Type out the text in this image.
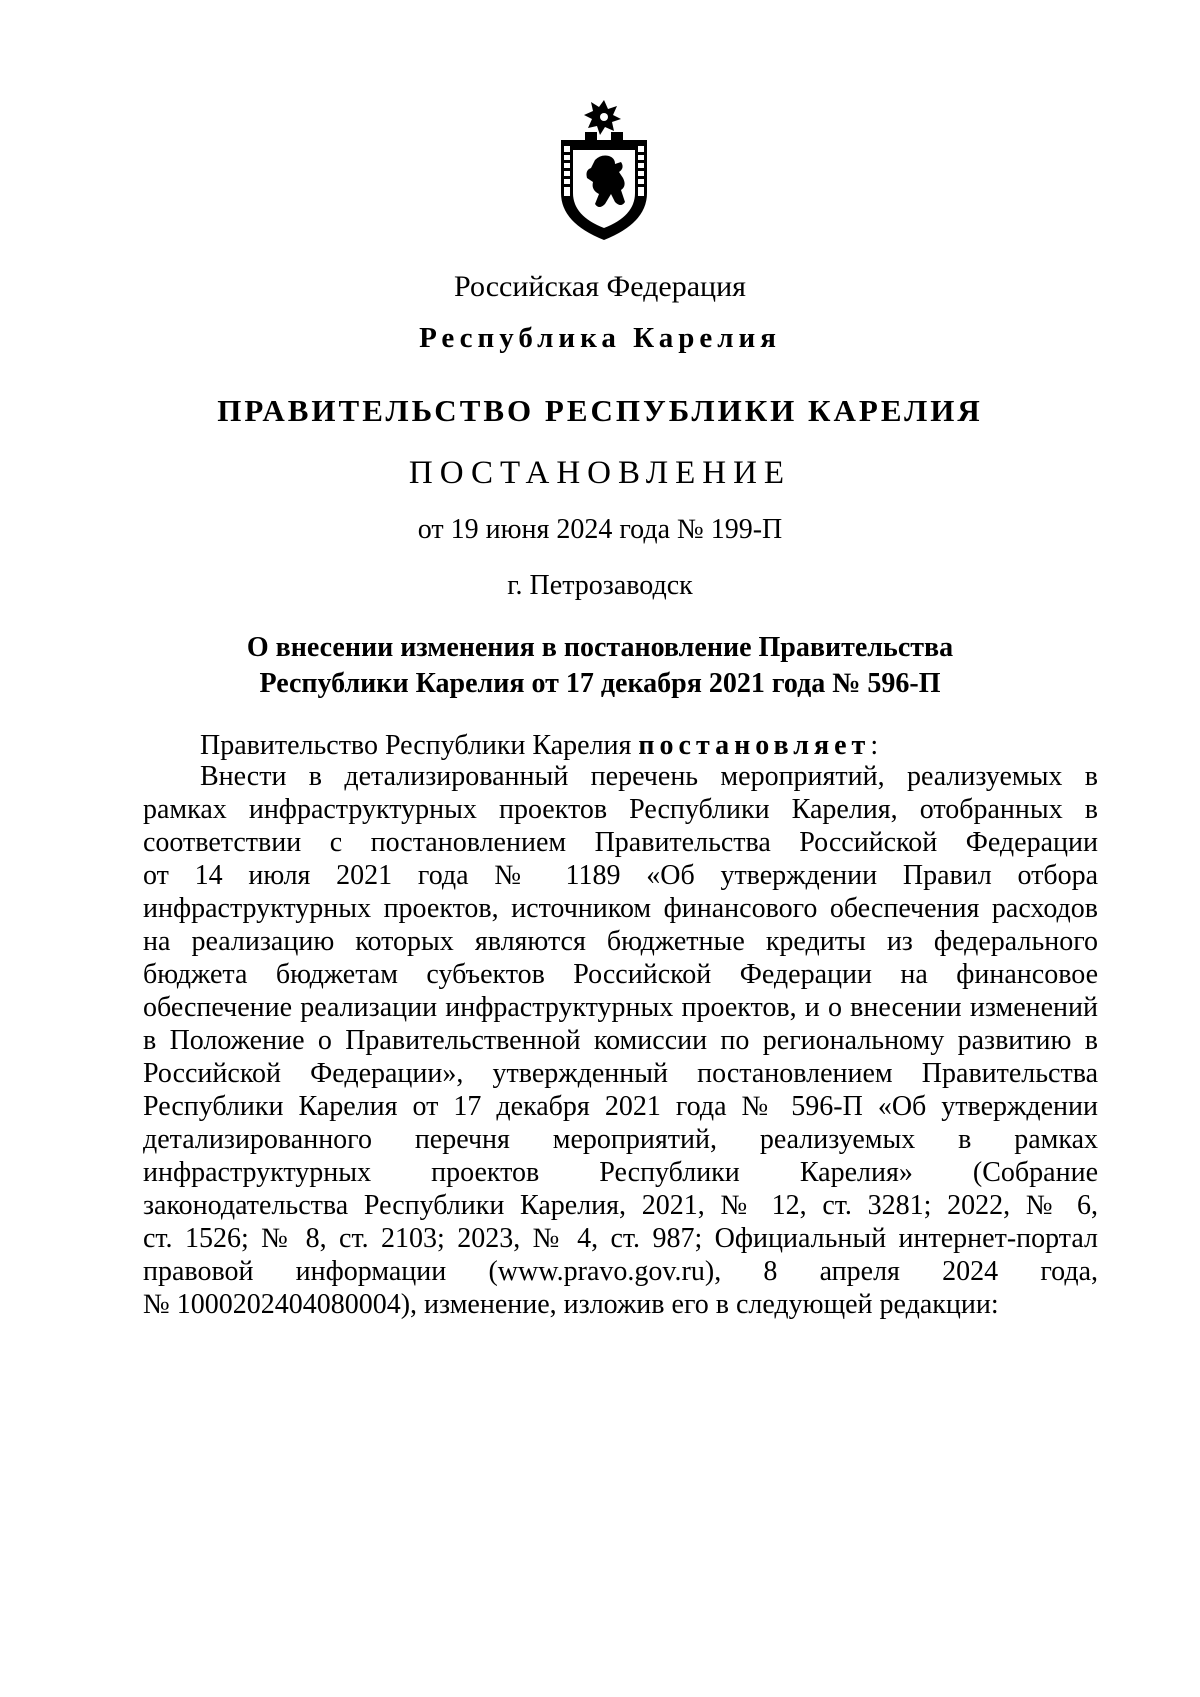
Российская Федерация
Республика Карелия
ПРАВИТЕЛЬСТВО РЕСПУБЛИКИ КАРЕЛИЯ
ПОСТАНОВЛЕНИЕ
от 19 июня 2024 года № 199-П
г. Петрозаводск
О внесении изменения в постановление Правительства
Республики Карелия от 17 декабря 2021 года № 596-П
Правительство Республики Карелия постановляет:
Внести в детализированный перечень мероприятий, реализуемых в
рамках инфраструктурных проектов Республики Карелия, отобранных в
соответствии с постановлением Правительства Российской Федерации
от 14 июля 2021 года № 1189 «Об утверждении Правил отбора
инфраструктурных проектов, источником финансового обеспечения расходов
на реализацию которых являются бюджетные кредиты из федерального
бюджета бюджетам субъектов Российской Федерации на финансовое
обеспечение реализации инфраструктурных проектов, и о внесении изменений
в Положение о Правительственной комиссии по региональному развитию в
Российской Федерации», утвержденный постановлением Правительства
Республики Карелия от 17 декабря 2021 года № 596-П «Об утверждении
детализированного перечня мероприятий, реализуемых в рамках
инфраструктурных проектов Республики Карелия» (Собрание
законодательства Республики Карелия, 2021, № 12, ст. 3281; 2022, № 6,
ст. 1526; № 8, ст. 2103; 2023, № 4, ст. 987; Официальный интернет-портал
правовой информации (www.pravo.gov.ru), 8 апреля 2024 года,
№ 1000202404080004), изменение, изложив его в следующей редакции:
